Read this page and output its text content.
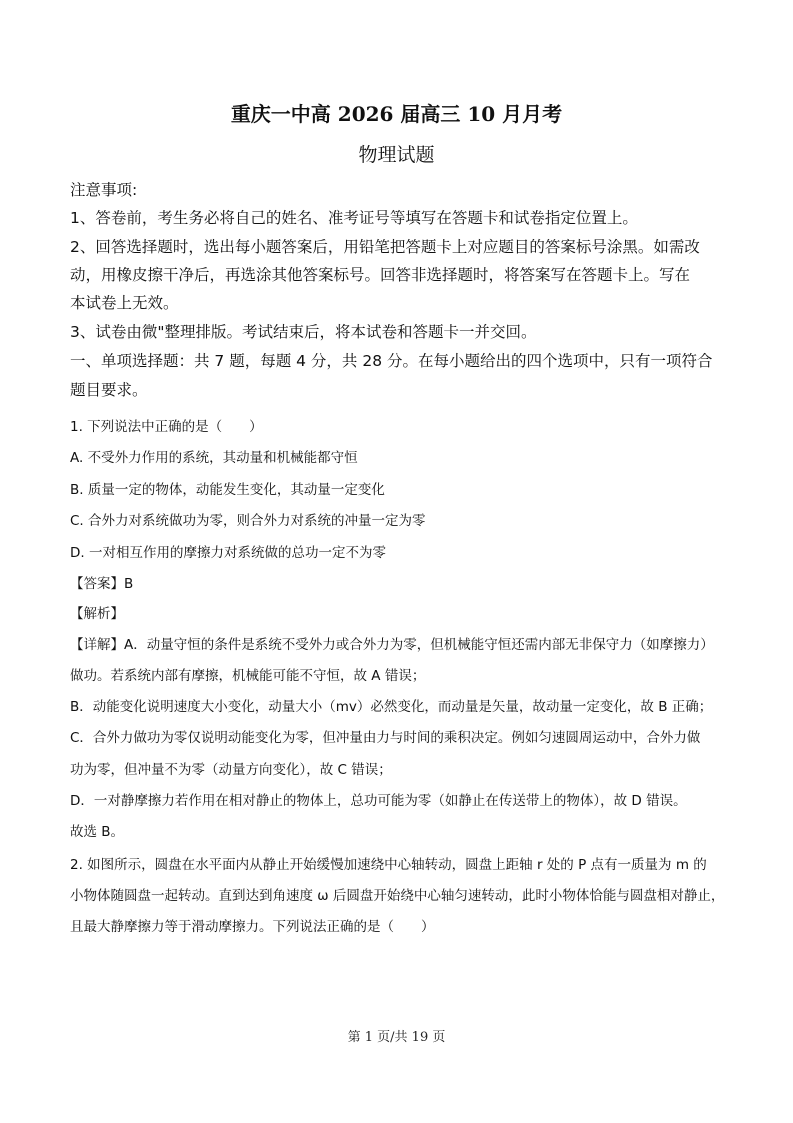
重庆一中高 2026 届高三 10 月月考
物理试题
注意事项:
1、答卷前，考生务必将自己的姓名、准考证号等填写在答题卡和试卷指定位置上。
2、回答选择题时，选出每小题答案后，用铅笔把答题卡上对应题目的答案标号涂黑。如需改
动，用橡皮擦干净后，再选涂其他答案标号。回答非选择题时，将答案写在答题卡上。写在
本试卷上无效。
3、试卷由微"整理排版。考试结束后，将本试卷和答题卡一并交回。
一、单项选择题：共 7 题，每题 4 分，共 28 分。在每小题给出的四个选项中，只有一项符合
题目要求。
1. 下列说法中正确的是（　　）
A. 不受外力作用的系统，其动量和机械能都守恒
B. 质量一定的物体，动能发生变化，其动量一定变化
C. 合外力对系统做功为零，则合外力对系统的冲量一定为零
D. 一对相互作用的摩擦力对系统做的总功一定不为零
【答案】B
【解析】
【详解】A．动量守恒的条件是系统不受外力或合外力为零，但机械能守恒还需内部无非保守力（如摩擦力）
做功。若系统内部有摩擦，机械能可能不守恒，故 A 错误；
B．动能变化说明速度大小变化，动量大小（mv）必然变化，而动量是矢量，故动量一定变化，故 B 正确；
C．合外力做功为零仅说明动能变化为零，但冲量由力与时间的乘积决定。例如匀速圆周运动中，合外力做
功为零，但冲量不为零（动量方向变化），故 C 错误；
D．一对静摩擦力若作用在相对静止的物体上，总功可能为零（如静止在传送带上的物体），故 D 错误。
故选 B。
2. 如图所示，圆盘在水平面内从静止开始缓慢加速绕中心轴转动，圆盘上距轴 r 处的 P 点有一质量为 m 的
小物体随圆盘一起转动。直到达到角速度 ω 后圆盘开始绕中心轴匀速转动，此时小物体恰能与圆盘相对静止，
且最大静摩擦力等于滑动摩擦力。下列说法正确的是（　　）
第 1 页/共 19 页
